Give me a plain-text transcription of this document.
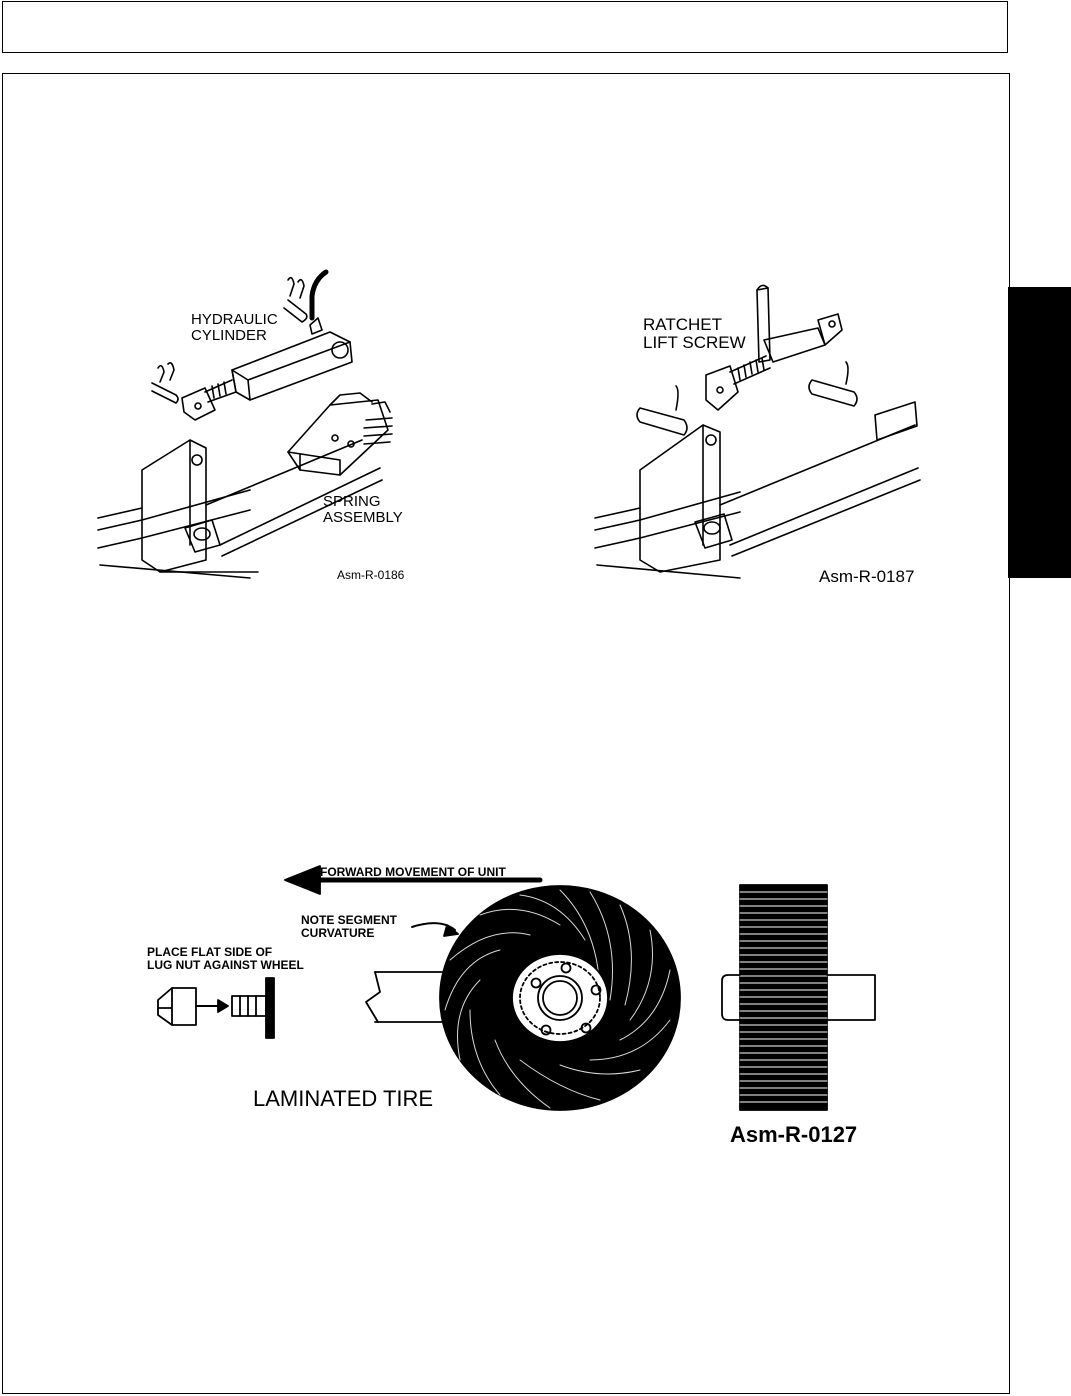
HYDRAULIC
CYLINDER
SPRING
ASSEMBLY
Asm-R-0186
RATCHET
LIFT SCREW
Asm-R-0187
FORWARD MOVEMENT OF UNIT
NOTE SEGMENT
CURVATURE
PLACE FLAT SIDE OF
LUG NUT AGAINST WHEEL
LAMINATED TIRE
Asm-R-0127
